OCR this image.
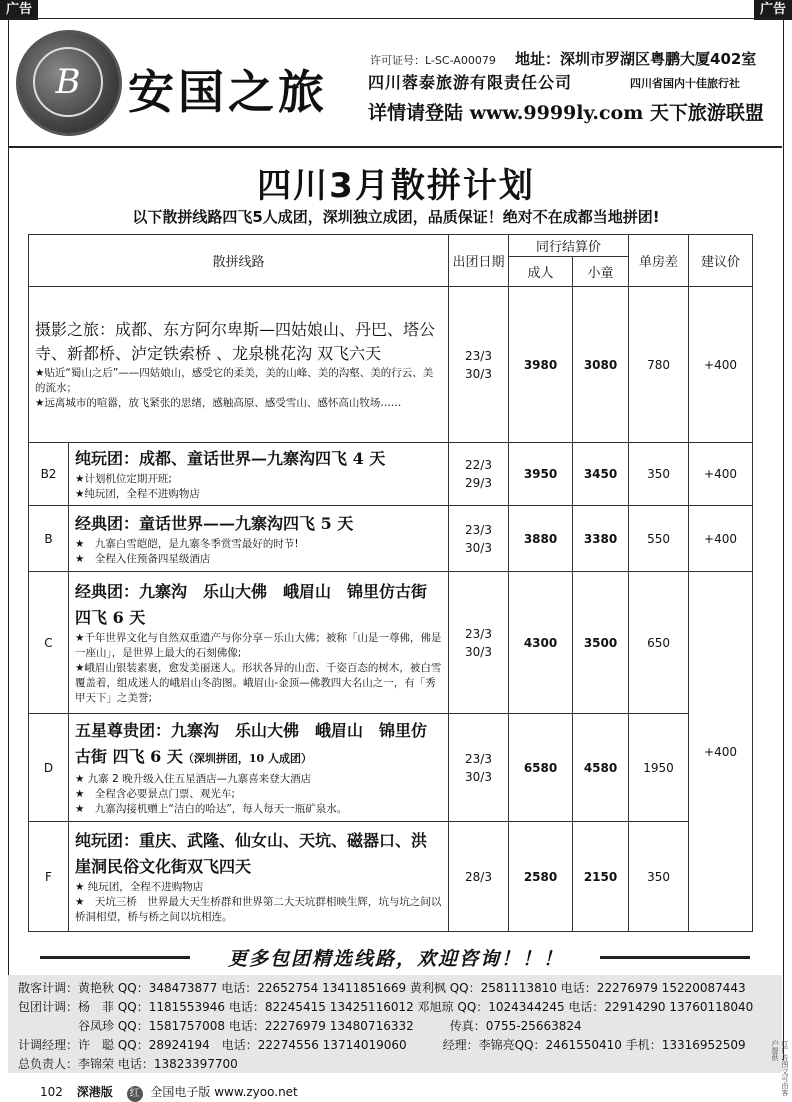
广告	广告
B	安国之旅
许可证号：L-SC-A00079 地址：深圳市罗湖区粤鹏大厦402室
四川蓉泰旅游有限责任公司	四川省国内十佳旅行社
详情请登陆 www.9999ly.com 天下旅游联盟
四川3月散拼计划
以下散拼线路四飞5人成团，深圳独立成团，品质保证！绝对不在成都当地拼团!
散拼线路		出团日期	同行结算价		单房差	建议价
			成人	小童		

摄影之旅：成都、东方阿尔卑斯—四姑娘山、丹巴、塔公寺、新都桥、泸定铁索桥 、龙泉桃花沟 双飞六天
★贴近“蜀山之后”——四姑娘山，感受它的柔美，美的山峰、美的沟壑、美的行云、美的流水；
★远离城市的喧嚣，放飞紧张的思绪，感触高原、感受雪山、感怀高山牧场……		23/3 30/3	3980	3080	780	+400
B2	纯玩团：成都、童话世界—九寨沟四飞 4 天
★计划机位定期开班;
★纯玩团，全程不进购物店	22/3 29/3	3950	3450	350	+400
B	经典团：童话世界——九寨沟四飞 5 天
★　九寨白雪皑皑，是九寨冬季赏雪最好的时节!
★　全程入住预备四星级酒店	23/3 30/3	3880	3380	550	+400
C	经典团：九寨沟　乐山大佛　峨眉山　锦里仿古街四飞 6 天
★千年世界文化与自然双重遗产与你分享－乐山大佛；被称「山是一尊佛，佛是一座山」，是世界上最大的石刻佛像;
★峨眉山银装素裹，愈发美丽迷人。形状各异的山峦、千姿百态的树木，被白雪覆盖着，组成迷人的峨眉山冬韵图。峨眉山-金顶—佛教四大名山之一，有「秀甲天下」之美誉;	23/3 30/3	4300	3500	650	+400
D	五星尊贵团：九寨沟　乐山大佛　峨眉山　锦里仿古街 四飞 6 天（深圳拼团，10 人成团）
★ 九寨 2 晚升级入住五星酒店—九寨喜来登大酒店
★　全程含必要景点门票、观光车;
★　九寨沟接机赠上“洁白的哈达”，每人每天一瓶矿泉水。	23/3 30/3	6580	4580	1950	
F	纯玩团：重庆、武隆、仙女山、天坑、磁器口、洪崖洞民俗文化街双飞四天
★ 纯玩团，全程不进购物店
★　天坑三桥　世界最大天生桥群和世界第二大天坑群相映生辉，坑与坑之间以桥洞相望，桥与桥之间以坑相连。	28/3	2580	2150	350	
更多包团精选线路，欢迎咨询！！！
散客计调：黄艳秋 QQ：348473877 电话：22652754 13411851669 黄利枫 QQ：2581113810 电话：22276979 15220087443
包团计调：杨　菲 QQ：1181553946 电话：82245415 13425116012 邓旭琼 QQ：1024344245 电话：22914290 13760118040
　　　　　谷凤珍 QQ：1581757008 电话：22276979 13480716332　　　传真：0755-25663824
计调经理：许　聪 QQ：28924194　电话：22274556 13714019060　　　经理：李锦亮QQ：2461550410 手机：13316952509
总负责人：李锦荣 电话：13823397700
102 深港版 红 全国电子版 www.zyoo.net	红广告图文可由客户提供
